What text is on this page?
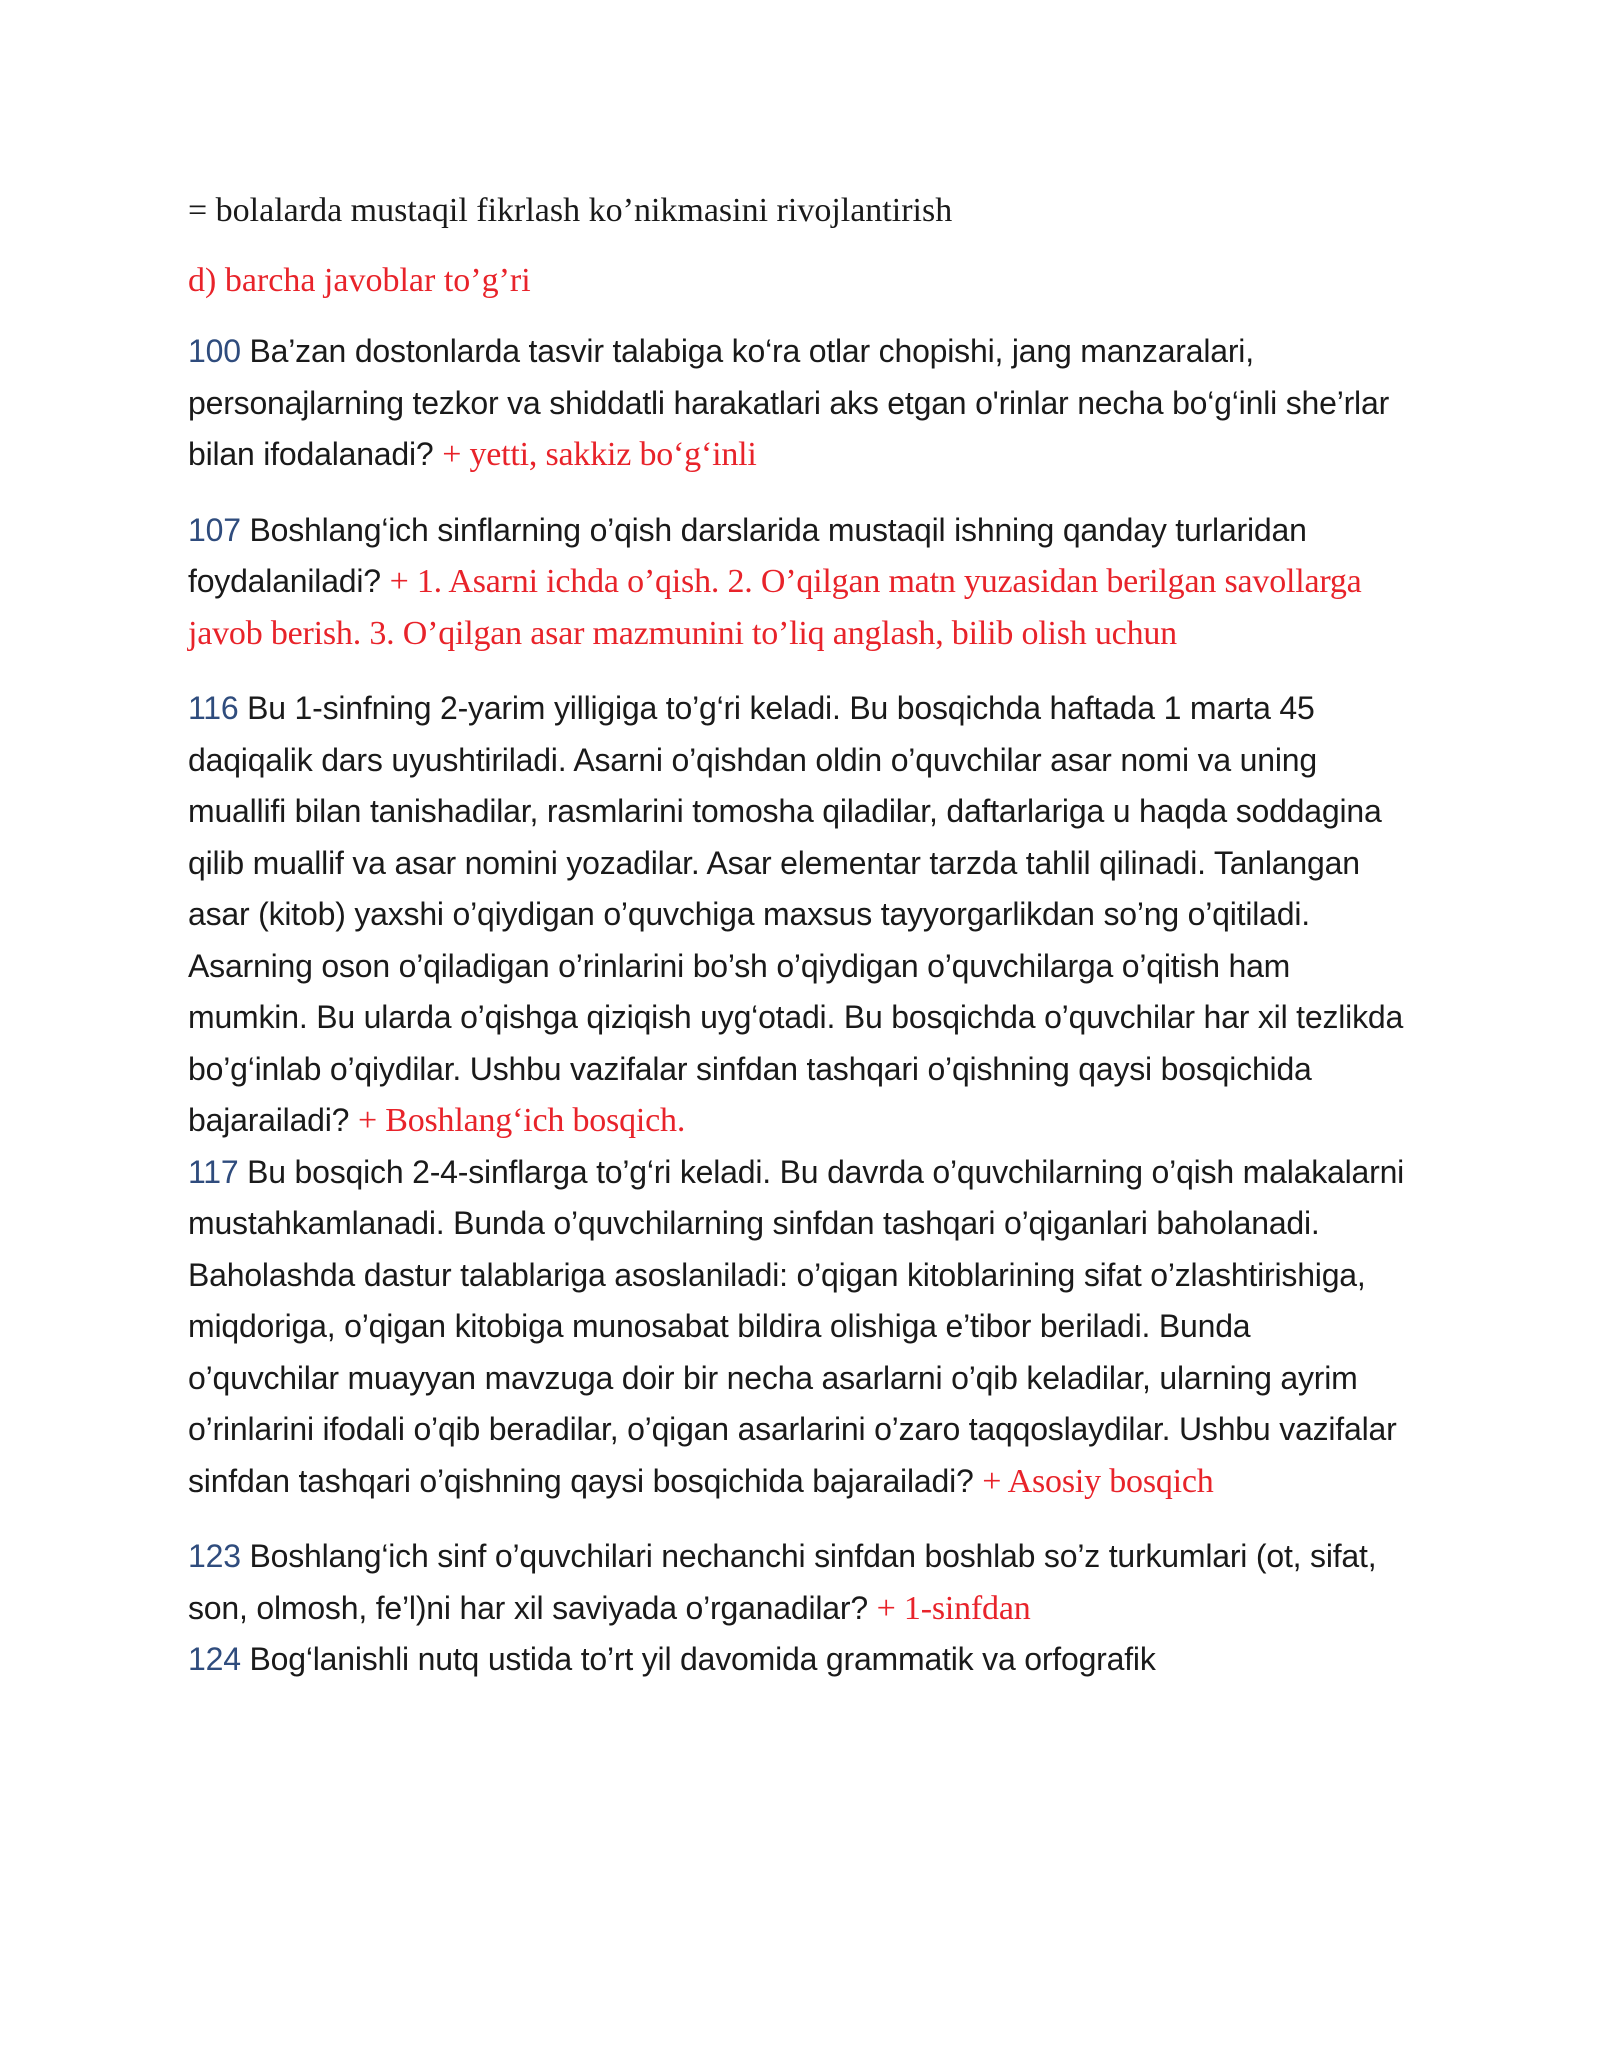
= bolalarda mustaqil fikrlash ko’nikmasini rivojlantirish

d) barcha javoblar to’g’ri

100 Ba’zan dostonlarda tasvir talabiga ko‘ra otlar chopishi, jang manzaralari, personajlarning tezkor va shiddatli harakatlari aks etgan o'rinlar necha bo‘g‘inli she’rlar bilan ifodalanadi? + yetti, sakkiz bo‘g‘inli

107 Boshlang‘ich sinflarning o’qish darslarida mustaqil ishning qanday turlaridan foydalaniladi? + 1. Asarni ichda o’qish. 2. O’qilgan matn yuzasidan berilgan savollarga javob berish. 3. O’qilgan asar mazmunini to’liq anglash, bilib olish uchun

116 Bu 1-sinfning 2-yarim yilligiga to’g‘ri keladi. Bu bosqichda haftada 1 marta 45 daqiqalik dars uyushtiriladi. Asarni o’qishdan oldin o’quvchilar asar nomi va uning muallifi bilan tanishadilar, rasmlarini tomosha qiladilar, daftarlariga u haqda soddagina qilib muallif va asar nomini yozadilar. Asar elementar tarzda tahlil qilinadi. Tanlangan asar (kitob) yaxshi o’qiydigan o’quvchiga maxsus tayyorgarlikdan so’ng o’qitiladi. Asarning oson o’qiladigan o’rinlarini bo’sh o’qiydigan o’quvchilarga o’qitish ham mumkin. Bu ularda o’qishga qiziqish uyg‘otadi. Bu bosqichda o’quvchilar har xil tezlikda bo’g‘inlab o’qiydilar. Ushbu vazifalar sinfdan tashqari o’qishning qaysi bosqichida bajarailadi? + Boshlang‘ich bosqich.

117 Bu bosqich 2-4-sinflarga to’g‘ri keladi. Bu davrda o’quvchilarning o’qish malakalarni mustahkamlanadi. Bunda o’quvchilarning sinfdan tashqari o’qiganlari baholanadi. Baholashda dastur talablariga asoslaniladi: o’qigan kitoblarining sifat o’zlashtirishiga, miqdoriga, o’qigan kitobiga munosabat bildira olishiga e’tibor beriladi. Bunda o’quvchilar muayyan mavzuga doir bir necha asarlarni o’qib keladilar, ularning ayrim o’rinlarini ifodali o’qib beradilar, o’qigan asarlarini o’zaro taqqoslaydilar. Ushbu vazifalar sinfdan tashqari o’qishning qaysi bosqichida bajarailadi? + Asosiy bosqich

123 Boshlang‘ich sinf o’quvchilari nechanchi sinfdan boshlab so’z turkumlari (ot, sifat, son, olmosh, fe’l)ni har xil saviyada o’rganadilar? + 1-sinfdan

124 Bog‘lanishli nutq ustida to’rt yil davomida grammatik va orfografik
